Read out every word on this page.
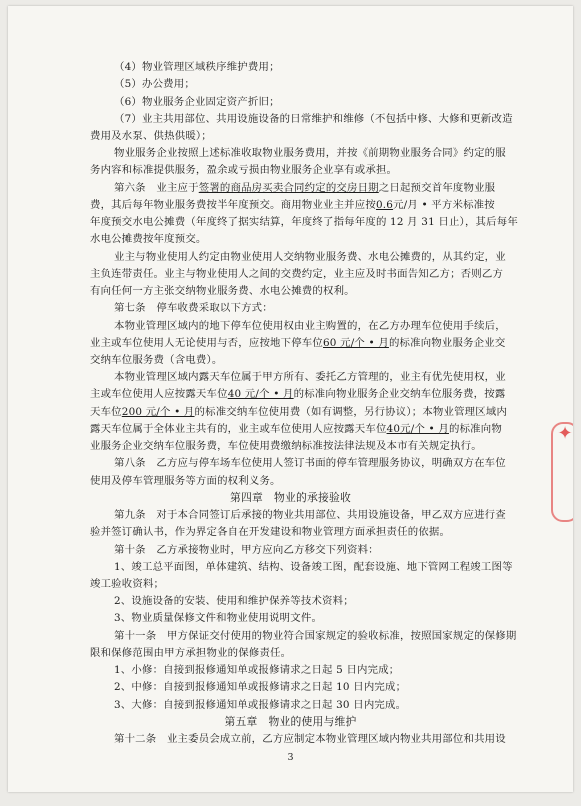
（4）物业管理区域秩序维护费用；
（5）办公费用；
（6）物业服务企业固定资产折旧；
（7）业主共用部位、共用设施设备的日常维护和维修（不包括中修、大修和更新改造
费用及水泵、供热供暖）；
物业服务企业按照上述标准收取物业服务费用，并按《前期物业服务合同》约定的服
务内容和标准提供服务，盈余或亏损由物业服务企业享有或承担。
第六条　业主应于签署的商品房买卖合同约定的交房日期之日起预交首年度物业服
费，其后每年物业服务费按半年度预交。商用物业业主并应按0.6元/月 • 平方米标准按
年度预交水电公摊费（年度终了据实结算，年度终了指每年度的 12 月 31 日止），其后每年
水电公摊费按年度预交。
业主与物业使用人约定由物业使用人交纳物业服务费、水电公摊费的，从其约定，业
主负连带责任。业主与物业使用人之间的交费约定，业主应及时书面告知乙方；否则乙方
有向任何一方主张交纳物业服务费、水电公摊费的权利。
第七条　停车收费采取以下方式：
本物业管理区域内的地下停车位使用权由业主购置的，在乙方办理车位使用手续后，
业主或车位使用人无论使用与否，应按地下停车位60 元/个 • 月的标准向物业服务企业交
交纳车位服务费（含电费）。
本物业管理区域内露天车位属于甲方所有、委托乙方管理的，业主有优先使用权，业
主或车位使用人应按露天车位40 元/个 • 月的标准向物业服务企业交纳车位服务费，按露
天车位200 元/个 • 月的标准交纳车位使用费（如有调整，另行协议）；本物业管理区域内
露天车位属于全体业主共有的，业主或车位使用人应按露天车位40元/个 • 月的标准向物
业服务企业交纳车位服务费，车位使用费缴纳标准按法律法规及本市有关规定执行。
第八条　乙方应与停车场车位使用人签订书面的停车管理服务协议，明确双方在车位
使用及停车管理服务等方面的权利义务。
第四章　物业的承接验收
第九条　对于本合同签订后承接的物业共用部位、共用设施设备，甲乙双方应进行查
验并签订确认书，作为界定各自在开发建设和物业管理方面承担责任的依据。
第十条　乙方承接物业时，甲方应向乙方移交下列资料：
1、竣工总平面图，单体建筑、结构、设备竣工图，配套设施、地下管网工程竣工图等
竣工验收资料；
2、设施设备的安装、使用和维护保养等技术资料；
3、物业质量保修文件和物业使用说明文件。
第十一条　甲方保证交付使用的物业符合国家规定的验收标准，按照国家规定的保修期
限和保修范围由甲方承担物业的保修责任。
1、小修：自接到报修通知单或报修请求之日起 5 日内完成；
2、中修：自接到报修通知单或报修请求之日起 10 日内完成；
3、大修：自接到报修通知单或报修请求之日起 30 日内完成。
第五章　物业的使用与维护
第十二条　业主委员会成立前，乙方应制定本物业管理区域内物业共用部位和共用设
✦
3
